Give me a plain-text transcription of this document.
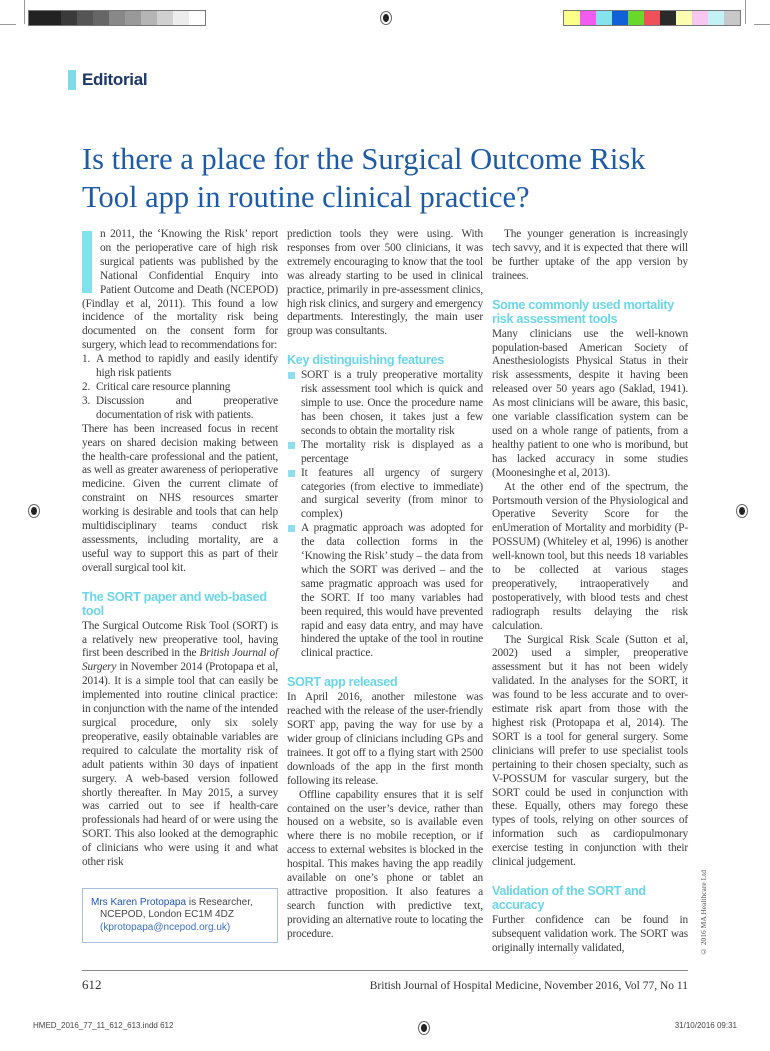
Editorial
Is there a place for the Surgical Outcome Risk Tool app in routine clinical practice?

n 2011, the ‘Knowing the Risk’ report on the perioperative care of high risk surgical patients was published by the National Confidential Enquiry into Patient Outcome and Death (NCEPOD) (Findlay et al, 2011). This found a low incidence of the mortality risk being documented on the consent form for surgery, which lead to recommendations for:

1. A method to rapidly and easily identify high risk patients
2. Critical care resource planning
3. Discussion and preoperative documentation of risk with patients.

There has been increased focus in recent years on shared decision making between the health-care professional and the patient, as well as greater awareness of perioperative medicine. Given the current climate of constraint on NHS resources smarter working is desirable and tools that can help multidisciplinary teams conduct risk assessments, including mortality, are a useful way to support this as part of their overall surgical tool kit.

The SORT paper and web-based tool

The Surgical Outcome Risk Tool (SORT) is a relatively new preoperative tool, having first been described in the British Journal of Surgery in November 2014 (Protopapa et al, 2014). It is a simple tool that can easily be implemented into routine clinical practice: in conjunction with the name of the intended surgical procedure, only six solely preoperative, easily obtainable variables are required to calculate the mortality risk of adult patients within 30 days of inpatient surgery. A web-based version followed shortly thereafter. In May 2015, a survey was carried out to see if health-care professionals had heard of or were using the SORT. This also looked at the demographic of clinicians who were using it and what other risk

Mrs Karen Protopapa is Researcher,
NCEPOD, London EC1M 4DZ
(kprotopapa@ncepod.org.uk)

prediction tools they were using. With responses from over 500 clinicians, it was extremely encouraging to know that the tool was already starting to be used in clinical practice, primarily in pre-assessment clinics, high risk clinics, and surgery and emergency departments. Interestingly, the main user group was consultants.

Key distinguishing features
SORT is a truly preoperative mortality risk assessment tool which is quick and simple to use. Once the procedure name has been chosen, it takes just a few seconds to obtain the mortality risk
The mortality risk is displayed as a percentage
It features all urgency of surgery categories (from elective to immediate) and surgical severity (from minor to complex)
A pragmatic approach was adopted for the data collection forms in the ‘Knowing the Risk’ study – the data from which the SORT was derived – and the same pragmatic approach was used for the SORT. If too many variables had been required, this would have prevented rapid and easy data entry, and may have hindered the uptake of the tool in routine clinical practice.
SORT app released

In April 2016, another milestone was reached with the release of the user-friendly SORT app, paving the way for use by a wider group of clinicians including GPs and trainees. It got off to a flying start with 2500 downloads of the app in the first month following its release.

Offline capability ensures that it is self contained on the user’s device, rather than housed on a website, so is available even where there is no mobile reception, or if access to external websites is blocked in the hospital. This makes having the app readily available on one’s phone or tablet an attractive proposition. It also features a search function with predictive text, providing an alternative route to locating the procedure.

The younger generation is increasingly tech savvy, and it is expected that there will be further uptake of the app version by trainees.

Some commonly used mortality risk assessment tools

Many clinicians use the well-known population-based American Society of Anesthesiologists Physical Status in their risk assessments, despite it having been released over 50 years ago (Saklad, 1941). As most clinicians will be aware, this basic, one variable classification system can be used on a whole range of patients, from a healthy patient to one who is moribund, but has lacked accuracy in some studies (Moonesinghe et al, 2013).

At the other end of the spectrum, the Portsmouth version of the Physiological and Operative Severity Score for the enUmeration of Mortality and morbidity (P-POSSUM) (Whiteley et al, 1996) is another well-known tool, but this needs 18 variables to be collected at various stages preoperatively, intraoperatively and postoperatively, with blood tests and chest radiograph results delaying the risk calculation.

The Surgical Risk Scale (Sutton et al, 2002) used a simpler, preoperative assessment but it has not been widely validated. In the analyses for the SORT, it was found to be less accurate and to over-estimate risk apart from those with the highest risk (Protopapa et al, 2014). The SORT is a tool for general surgery. Some clinicians will prefer to use specialist tools pertaining to their chosen specialty, such as V-POSSUM for vascular surgery, but the SORT could be used in conjunction with these. Equally, others may forego these types of tools, relying on other sources of information such as cardiopulmonary exercise testing in conjunction with their clinical judgement.

Validation of the SORT and accuracy

Further confidence can be found in subsequent validation work. The SORT was originally internally validated,	© 2016 MA Healthcare Ltd
612	British Journal of Hospital Medicine, November 2016, Vol 77, No 11
HMED_2016_77_11_612_613.indd 612	31/10/2016 09:31
